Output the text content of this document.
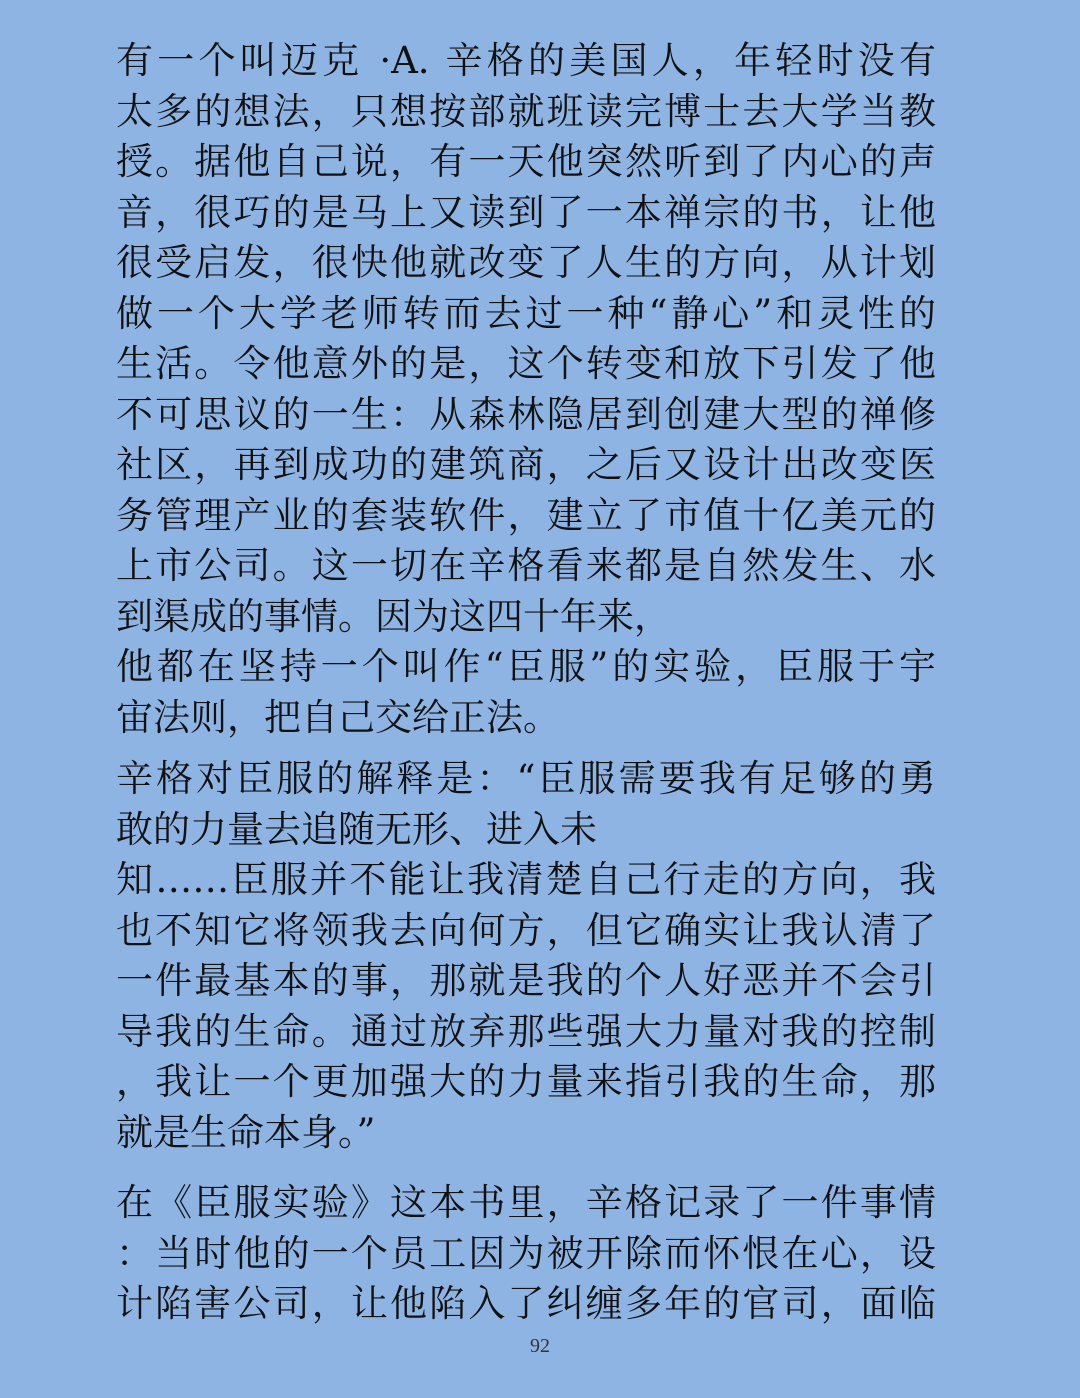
有一个叫迈克 ·A. 辛格的美国人，年轻时没有
太多的想法，只想按部就班读完博士去大学当教
授。据他自己说，有一天他突然听到了内心的声
音，很巧的是马上又读到了一本禅宗的书，让他
很受启发，很快他就改变了人生的方向，从计划
做一个大学老师转而去过一种“静心”和灵性的
生活。令他意外的是，这个转变和放下引发了他
不可思议的一生：从森林隐居到创建大型的禅修
社区，再到成功的建筑商，之后又设计出改变医
务管理产业的套装软件，建立了市值十亿美元的
上市公司。这一切在辛格看来都是自然发生、水
到渠成的事情。因为这四十年来，
他都在坚持一个叫作“臣服”的实验，臣服于宇
宙法则，把自己交给正法。
辛格对臣服的解释是：“臣服需要我有足够的勇
敢的力量去追随无形、进入未
知……臣服并不能让我清楚自己行走的方向，我
也不知它将领我去向何方，但它确实让我认清了
一件最基本的事，那就是我的个人好恶并不会引
导我的生命。通过放弃那些强大力量对我的控制
，我让一个更加强大的力量来指引我的生命，那
就是生命本身。”
在《臣服实验》这本书里，辛格记录了一件事情
：当时他的一个员工因为被开除而怀恨在心，设
计陷害公司，让他陷入了纠缠多年的官司，面临
92
